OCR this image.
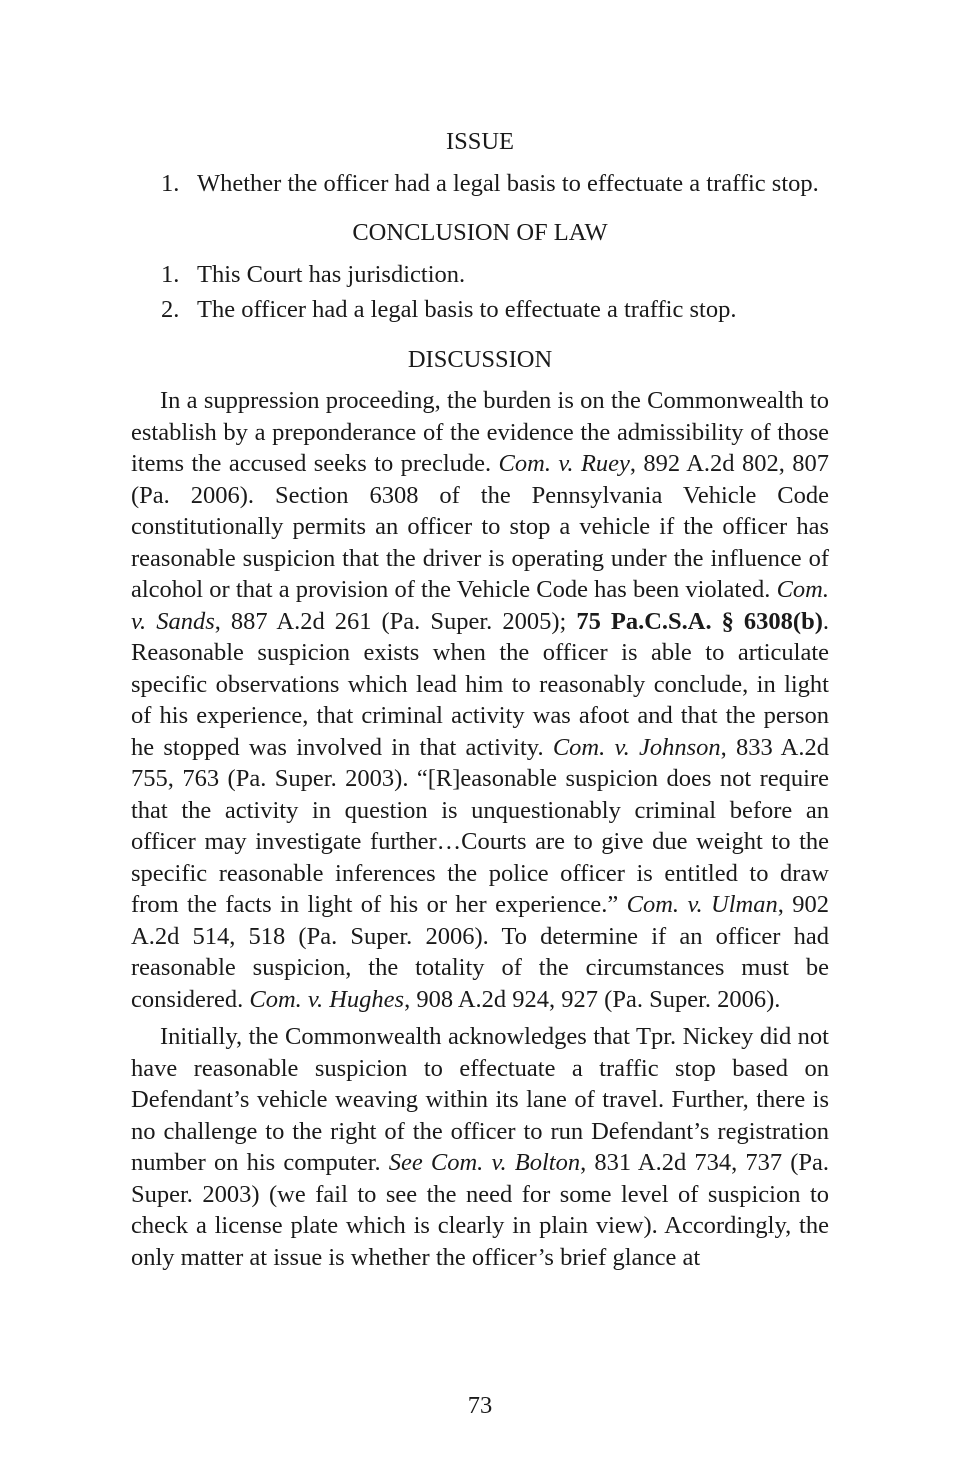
ISSUE
1. Whether the officer had a legal basis to effectuate a traffic stop.
CONCLUSION OF LAW
1. This Court has jurisdiction.
2. The officer had a legal basis to effectuate a traffic stop.
DISCUSSION

In a suppression proceeding, the burden is on the Commonwealth to establish by a preponderance of the evidence the admissibility of those items the accused seeks to preclude. Com. v. Ruey, 892 A.2d 802, 807 (Pa. 2006). Section 6308 of the Pennsylvania Vehicle Code constitutionally permits an officer to stop a vehicle if the officer has reasonable suspicion that the driver is operating under the influence of alcohol or that a provision of the Vehicle Code has been violated. Com. v. Sands, 887 A.2d 261 (Pa. Super. 2005); 75 Pa.C.S.A. § 6308(b). Reasonable suspicion exists when the officer is able to articulate specific observations which lead him to reasonably conclude, in light of his experience, that criminal activity was afoot and that the person he stopped was involved in that activity. Com. v. Johnson, 833 A.2d 755, 763 (Pa. Super. 2003). “[R]easonable suspicion does not require that the activity in question is unquestionably criminal before an officer may investigate further…Courts are to give due weight to the specific reasonable inferences the police officer is entitled to draw from the facts in light of his or her experience.” Com. v. Ulman, 902 A.2d 514, 518 (Pa. Super. 2006). To determine if an officer had reasonable suspicion, the totality of the circumstances must be considered. Com. v. Hughes, 908 A.2d 924, 927 (Pa. Super. 2006).

Initially, the Commonwealth acknowledges that Tpr. Nickey did not have reasonable suspicion to effectuate a traffic stop based on Defendant’s vehicle weaving within its lane of travel. Further, there is no challenge to the right of the officer to run Defendant’s registration number on his computer. See Com. v. Bolton, 831 A.2d 734, 737 (Pa. Super. 2003) (we fail to see the need for some level of suspicion to check a license plate which is clearly in plain view). Accordingly, the only matter at issue is whether the officer’s brief glance at

73
